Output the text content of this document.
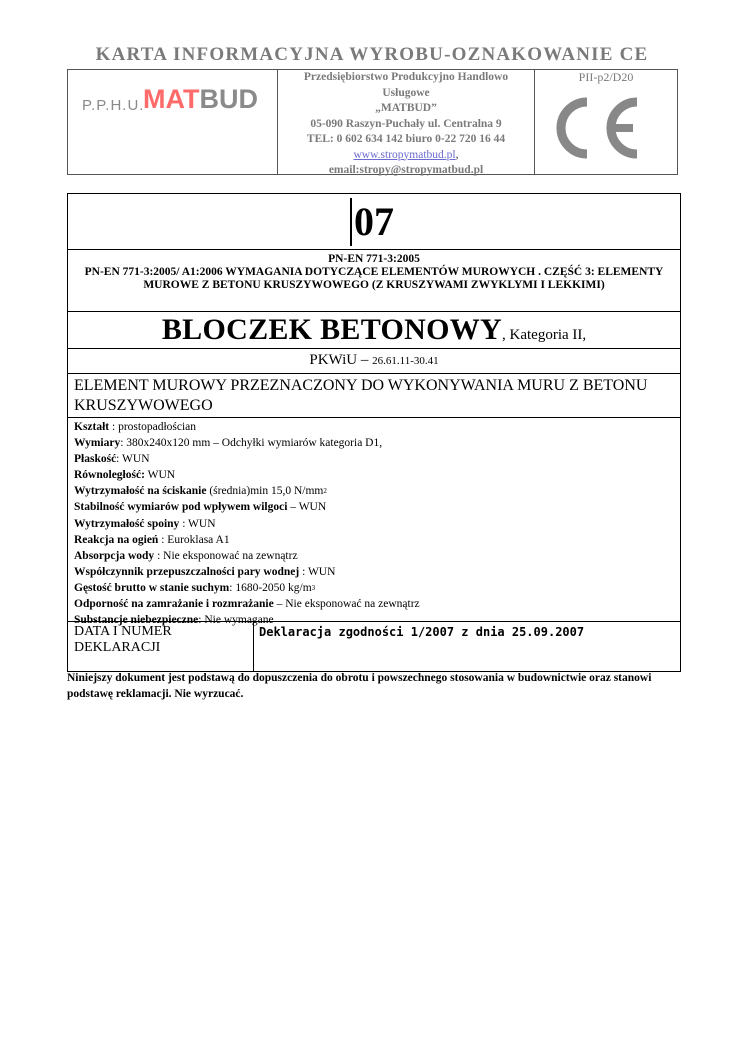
KARTA INFORMACYJNA WYROBU-OZNAKOWANIE CE
P.P.H.U.
MATBUD
Przedsiębiorstwo Produkcyjno Handlowo
Usługowe
„MATBUD”
05-090 Raszyn-Puchały ul. Centralna 9
TEL: 0 602 634 142 biuro 0-22 720 16 44
www.stropymatbud.pl,
email:stropy@stropymatbud.pl
PII-p2/D20
07
PN-EN 771-3:2005
PN-EN 771-3:2005/ A1:2006 WYMAGANIA DOTYCZĄCE ELEMENTÓW MUROWYCH . CZĘŚĆ 3: ELEMENTY MUROWE Z BETONU KRUSZYWOWEGO (Z KRUSZYWAMI ZWYKLYMI I LEKKIMI)
BLOCZEK BETONOWY, Kategoria II,
PKWiU – 26.61.11-30.41
ELEMENT MUROWY PRZEZNACZONY DO WYKONYWANIA MURU Z BETONU KRUSZYWOWEGO
Kształt : prostopadłościan
Wymiary: 380x240x120 mm – Odchyłki wymiarów kategoria D1,
Płaskość: WUN
Równoległość: WUN
Wytrzymałość na ściskanie (średnia)min 15,0 $N/mm^2$
Stabilność wymiarów pod wpływem wilgoci – WUN
Wytrzymałość spoiny : WUN
Reakcja na ogień : Euroklasa A1
Absorpcja wody : Nie eksponować na zewnątrz
Współczynnik przepuszczalności pary wodnej : WUN
Gęstość brutto w stanie suchym: 1680-2050 $kg/m^3$
Odporność na zamrażanie i rozmrażanie – Nie eksponować na zewnątrz
Substancje niebezpieczne: Nie wymagane
DATA I NUMER DEKLARACJI
Deklaracja zgodności 1/2007 z dnia 25.09.2007
Niniejszy dokument jest podstawą do dopuszczenia do obrotu i powszechnego stosowania w budownictwie oraz stanowi podstawę reklamacji. Nie wyrzucać.
